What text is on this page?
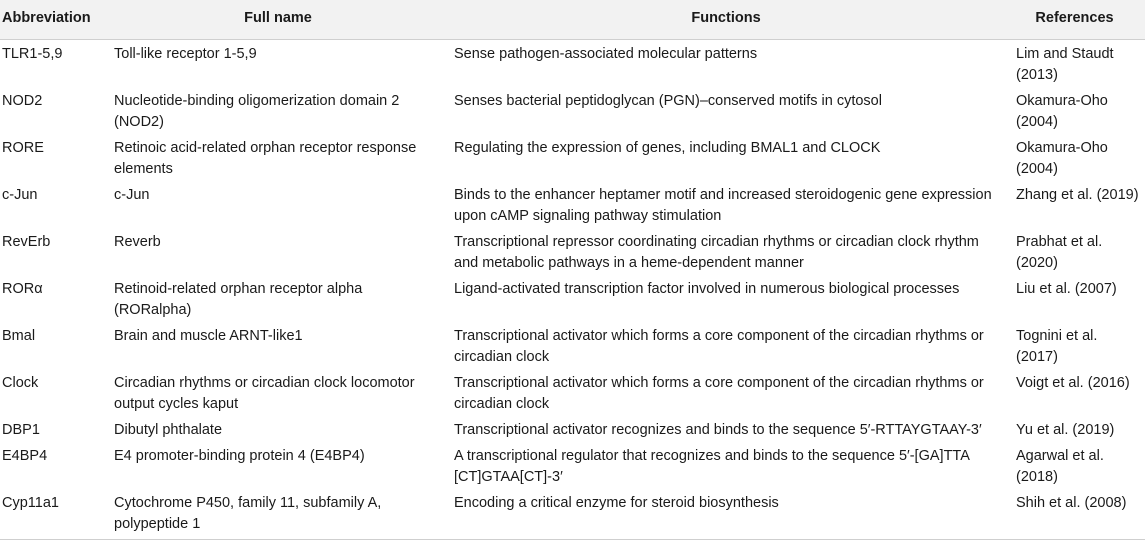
Abbreviation	Full name	Functions	References
TLR1-5,9	Toll-like receptor 1-5,9	Sense pathogen-associated molecular patterns	Lim and Staudt (2013)
NOD2	Nucleotide-binding oligomerization domain 2 (NOD2)	Senses bacterial peptidoglycan (PGN)–conserved motifs in cytosol	Okamura-Oho (2004)
RORE	Retinoic acid-related orphan receptor response elements	Regulating the expression of genes, including BMAL1 and CLOCK	Okamura-Oho (2004)
c-Jun	c-Jun	Binds to the enhancer heptamer motif and increased steroidogenic gene expression upon cAMP signaling pathway stimulation	Zhang et al. (2019)
RevErb	Reverb	Transcriptional repressor coordinating circadian rhythms or circadian clock rhythm and metabolic pathways in a heme-dependent manner	Prabhat et al. (2020)
RORα	Retinoid-related orphan receptor alpha (RORalpha)	Ligand-activated transcription factor involved in numerous biological processes	Liu et al. (2007)
Bmal	Brain and muscle ARNT-like1	Transcriptional activator which forms a core component of the circadian rhythms or circadian clock	Tognini et al. (2017)
Clock	Circadian rhythms or circadian clock locomotor output cycles kaput	Transcriptional activator which forms a core component of the circadian rhythms or circadian clock	Voigt et al. (2016)
DBP1	Dibutyl phthalate	Transcriptional activator recognizes and binds to the sequence 5′-RTTAYGTAAY-3′	Yu et al. (2019)
E4BP4	E4 promoter-binding protein 4 (E4BP4)	A transcriptional regulator that recognizes and binds to the sequence 5′-[GA]TTA [CT]GTAA[CT]-3′	Agarwal et al. (2018)
Cyp11a1	Cytochrome P450, family 11, subfamily A, polypeptide 1	Encoding a critical enzyme for steroid biosynthesis	Shih et al. (2008)
